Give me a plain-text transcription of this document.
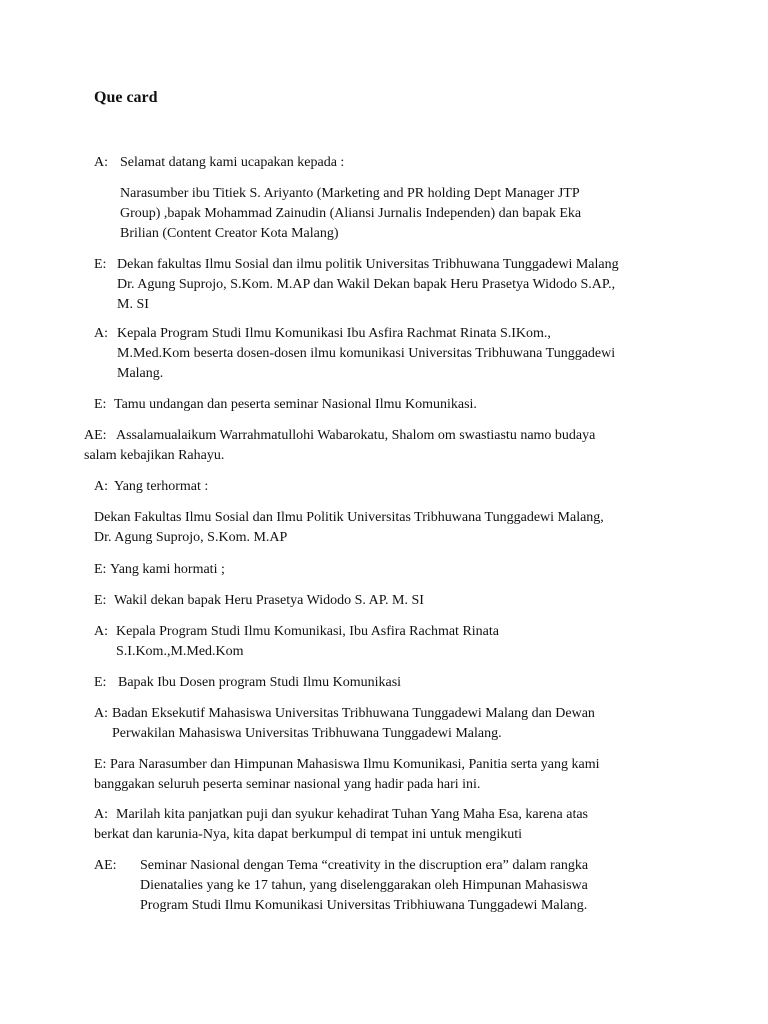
Que card
A: Selamat datang kami ucapakan kepada :
Narasumber ibu Titiek S. Ariyanto (Marketing and PR holding Dept Manager JTP
Group) ,bapak Mohammad Zainudin (Aliansi Jurnalis Independen) dan bapak Eka
Brilian (Content Creator Kota Malang)
E: Dekan fakultas Ilmu Sosial dan ilmu politik Universitas Tribhuwana Tunggadewi Malang
Dr. Agung Suprojo, S.Kom. M.AP dan Wakil Dekan bapak Heru Prasetya Widodo S.AP.,
M. SI
A: Kepala Program Studi Ilmu Komunikasi Ibu Asfira Rachmat Rinata S.IKom.,
M.Med.Kom beserta dosen-dosen ilmu komunikasi Universitas Tribhuwana Tunggadewi
Malang.
E: Tamu undangan dan peserta seminar Nasional Ilmu Komunikasi.
AE: Assalamualaikum Warrahmatullohi Wabarokatu, Shalom om swastiastu namo budaya
salam kebajikan Rahayu.
A: Yang terhormat :
Dekan Fakultas Ilmu Sosial dan Ilmu Politik Universitas Tribhuwana Tunggadewi Malang,
Dr. Agung Suprojo, S.Kom. M.AP
E: Yang kami hormati ;
E: Wakil dekan bapak Heru Prasetya Widodo S. AP. M. SI
A: Kepala Program Studi Ilmu Komunikasi, Ibu Asfira Rachmat Rinata
S.I.Kom.,M.Med.Kom
E: Bapak Ibu Dosen program Studi Ilmu Komunikasi
A: Badan Eksekutif Mahasiswa Universitas Tribhuwana Tunggadewi Malang dan Dewan
Perwakilan Mahasiswa Universitas Tribhuwana Tunggadewi Malang.
E: Para Narasumber dan Himpunan Mahasiswa Ilmu Komunikasi, Panitia serta yang kami
banggakan seluruh peserta seminar nasional yang hadir pada hari ini.
A: Marilah kita panjatkan puji dan syukur kehadirat Tuhan Yang Maha Esa, karena atas
berkat dan karunia-Nya, kita dapat berkumpul di tempat ini untuk mengikuti
AE:	Seminar Nasional dengan Tema “creativity in the discruption era” dalam rangka
Dienatalies yang ke 17 tahun, yang diselenggarakan oleh Himpunan Mahasiswa
Program Studi Ilmu Komunikasi Universitas Tribhiuwana Tunggadewi Malang.
